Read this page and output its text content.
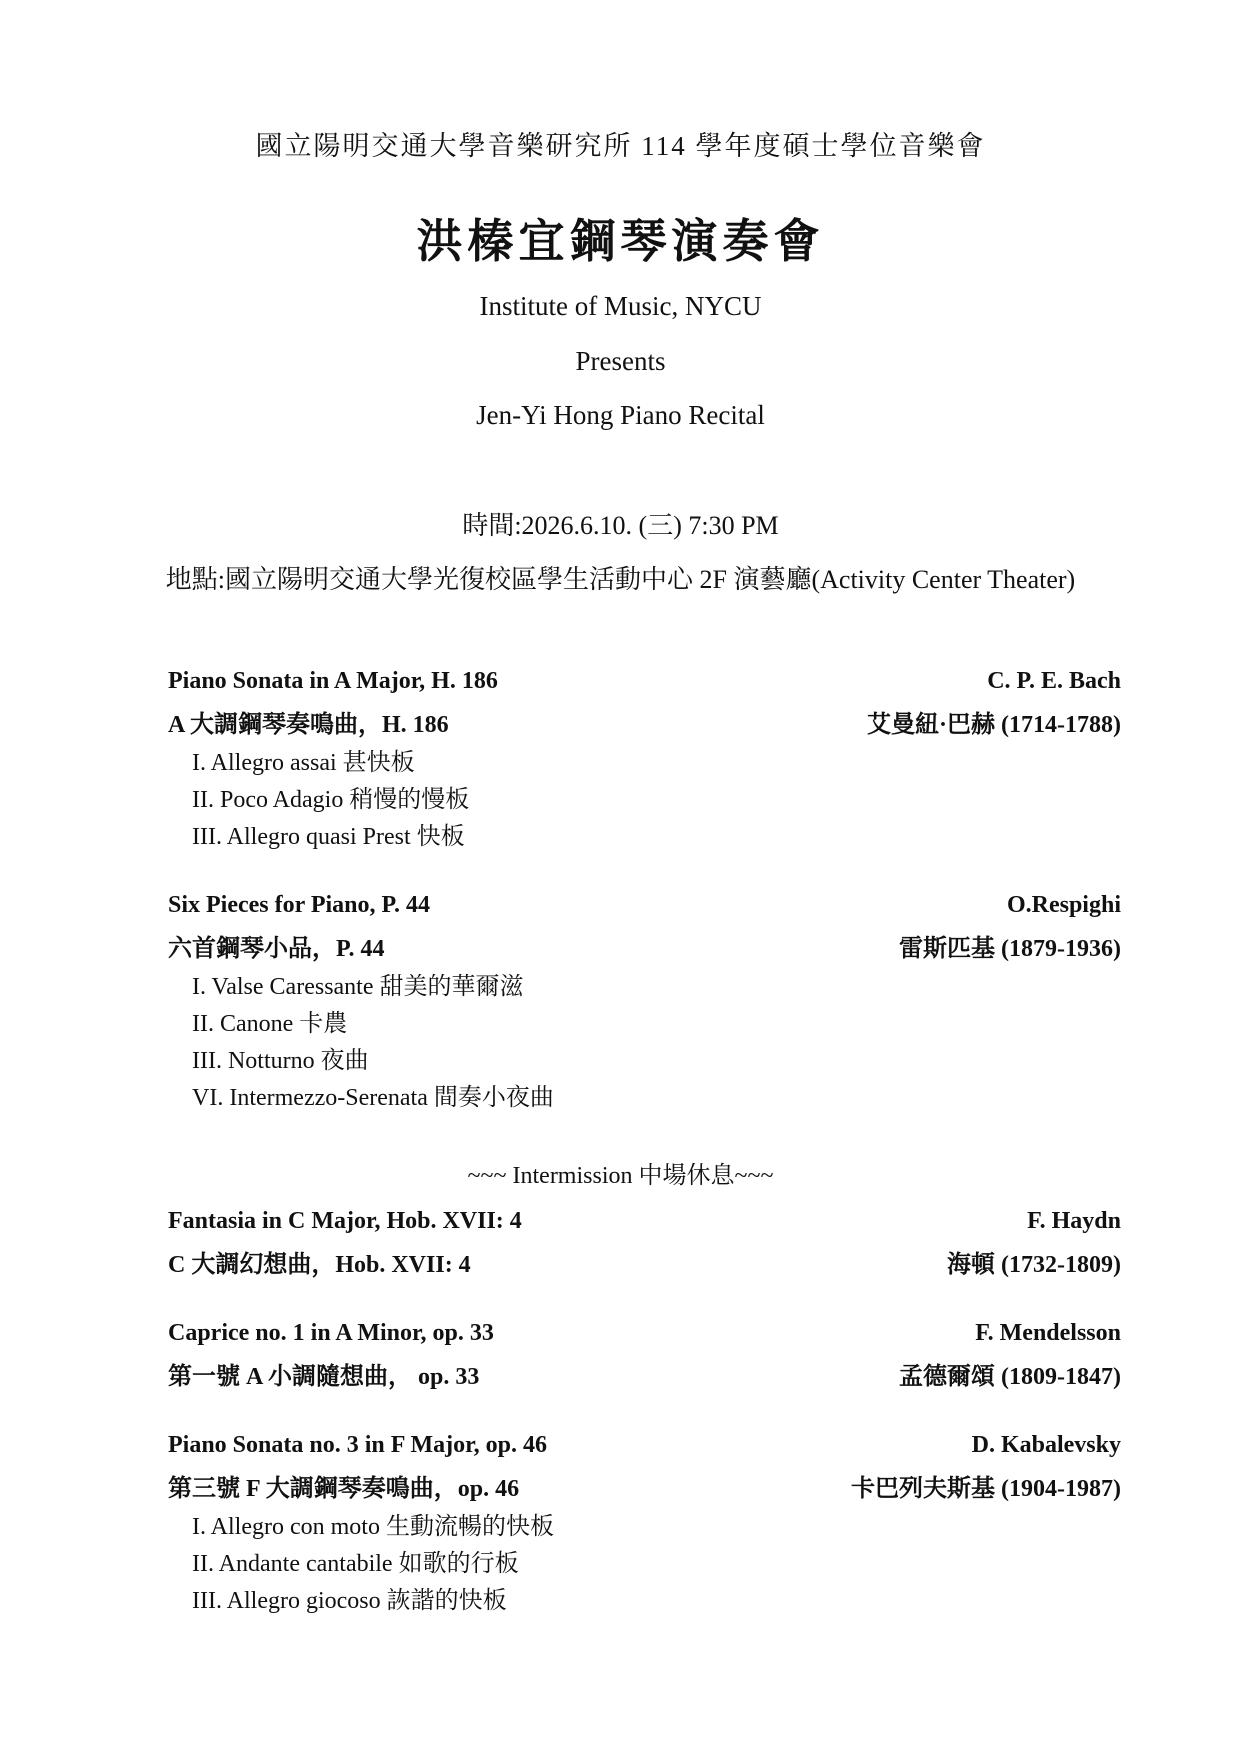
國立陽明交通大學音樂研究所 114 學年度碩士學位音樂會
洪榛宜鋼琴演奏會
Institute of Music, NYCU
Presents
Jen-Yi Hong Piano Recital
時間:2026.6.10. (三) 7:30 PM
地點:國立陽明交通大學光復校區學生活動中心 2F 演藝廳(Activity Center Theater)
Piano Sonata in A Major, H. 186	C. P. E. Bach
A 大調鋼琴奏鳴曲，H. 186	艾曼紐·巴赫 (1714-1788)
I. Allegro assai 甚快板
II. Poco Adagio 稍慢的慢板
III. Allegro quasi Prest 快板
Six Pieces for Piano, P. 44	O.Respighi
六首鋼琴小品，P. 44	雷斯匹基 (1879-1936)
I. Valse Caressante 甜美的華爾滋
II. Canone 卡農
III. Notturno 夜曲
VI. Intermezzo-Serenata 間奏小夜曲
~~~ Intermission 中場休息~~~
Fantasia in C Major, Hob. XVII: 4	F. Haydn
C 大調幻想曲，Hob. XVII: 4	海頓 (1732-1809)
Caprice no. 1 in A Minor, op. 33	F. Mendelsson
第一號 A 小調隨想曲， op. 33	孟德爾頌 (1809-1847)
Piano Sonata no. 3 in F Major, op. 46	D. Kabalevsky
第三號 F 大調鋼琴奏鳴曲，op. 46	卡巴列夫斯基 (1904-1987)
I. Allegro con moto 生動流暢的快板
II. Andante cantabile 如歌的行板
III. Allegro giocoso 詼諧的快板
